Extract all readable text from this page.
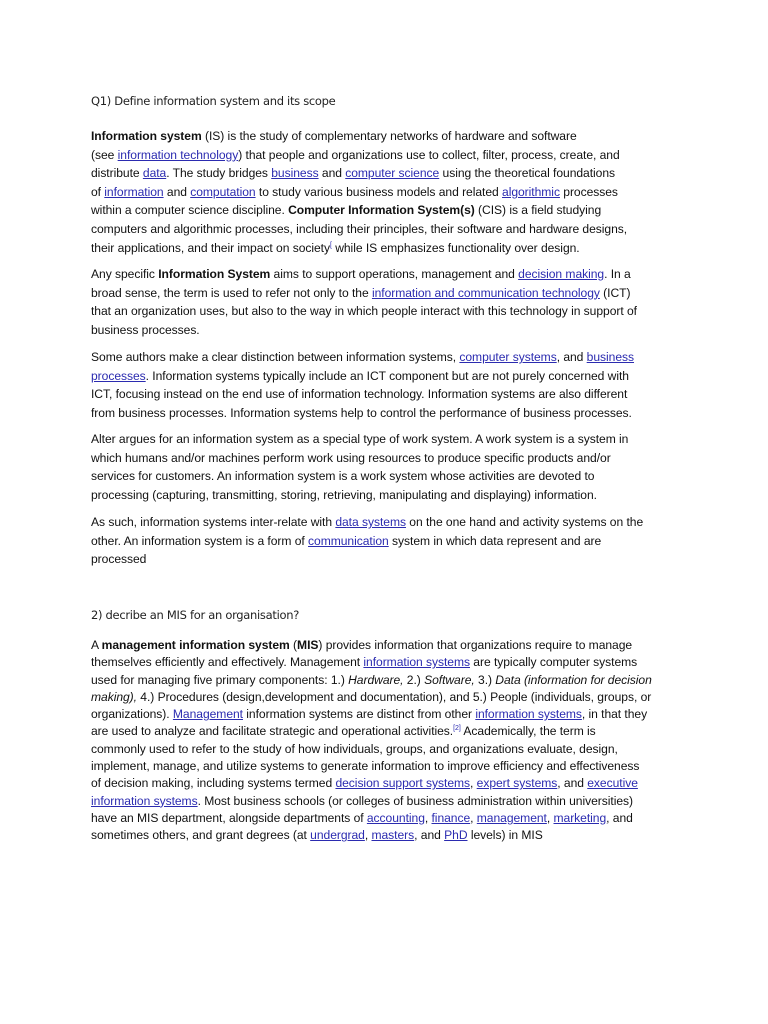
Q1) Define information system and its scope

Information system (IS) is the study of complementary networks of hardware and software
(see information technology) that people and organizations use to collect, filter, process, create, and
distribute data. The study bridges business and computer science using the theoretical foundations
of information and computation to study various business models and related algorithmic processes
within a computer science discipline. Computer Information System(s) (CIS) is a field studying
computers and algorithmic processes, including their principles, their software and hardware designs,
their applications, and their impact on society[ while IS emphasizes functionality over design.

Any specific Information System aims to support operations, management and decision making. In a
broad sense, the term is used to refer not only to the information and communication technology (ICT)
that an organization uses, but also to the way in which people interact with this technology in support of
business processes.

Some authors make a clear distinction between information systems, computer systems, and business
processes. Information systems typically include an ICT component but are not purely concerned with
ICT, focusing instead on the end use of information technology. Information systems are also different
from business processes. Information systems help to control the performance of business processes.

Alter argues for an information system as a special type of work system. A work system is a system in
which humans and/or machines perform work using resources to produce specific products and/or
services for customers. An information system is a work system whose activities are devoted to
processing (capturing, transmitting, storing, retrieving, manipulating and displaying) information.

As such, information systems inter-relate with data systems on the one hand and activity systems on the
other. An information system is a form of communication system in which data represent and are
processed

2) decribe an MIS for an organisation?

A management information system (MIS) provides information that organizations require to manage
themselves efficiently and effectively. Management information systems are typically computer systems
used for managing five primary components: 1.) Hardware, 2.) Software, 3.) Data (information for decision
making), 4.) Procedures (design,development and documentation), and 5.) People (individuals, groups, or
organizations). Management information systems are distinct from other information systems, in that they
are used to analyze and facilitate strategic and operational activities.[2] Academically, the term is
commonly used to refer to the study of how individuals, groups, and organizations evaluate, design,
implement, manage, and utilize systems to generate information to improve efficiency and effectiveness
of decision making, including systems termed decision support systems, expert systems, and executive
information systems. Most business schools (or colleges of business administration within universities)
have an MIS department, alongside departments of accounting, finance, management, marketing, and
sometimes others, and grant degrees (at undergrad, masters, and PhD levels) in MIS
